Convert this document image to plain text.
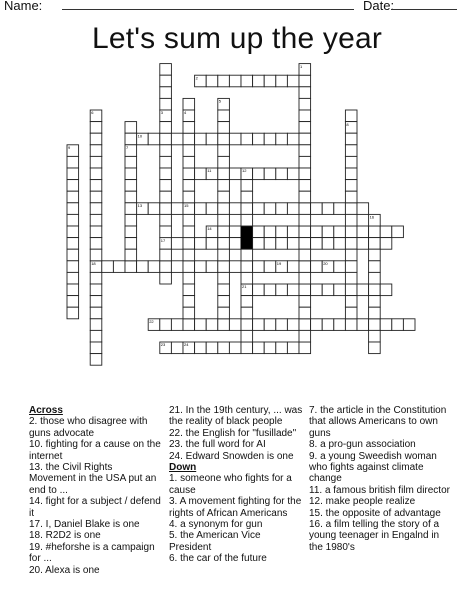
Name:	Date:
Let's sum up the year
1
2
3	4
5
6
7
8
9
10
11	12
13
14
15
16
17
18	19	20
21
22
23	24
Across
2. those who disagree with guns advocate
10. fighting for a cause on the internet
13. the Civil Rights Movement in the USA put an end to ...
14. fight for a subject / defend it
17. I, Daniel Blake is one
18. R2D2 is one
19. #heforshe is a campaign for ...
20. Alexa is one
21. In the 19th century, ... was the reality of black people
22. the English for "fusillade"
23. the full word for AI
24. Edward Snowden is one
Down
1. someone who fights for a cause
3. A movement fighting for the rights of African Americans
4. a synonym for gun
5. the American Vice President
6. the car of the future
7. the article in the Constitution that allows Americans to own guns
8. a pro-gun association
9. a young Sweedish woman who fights against climate change
11. a famous british film director
12. make people realize
15. the opposite of advantage
16. a film telling the story of a young teenager in Engalnd in the 1980's
